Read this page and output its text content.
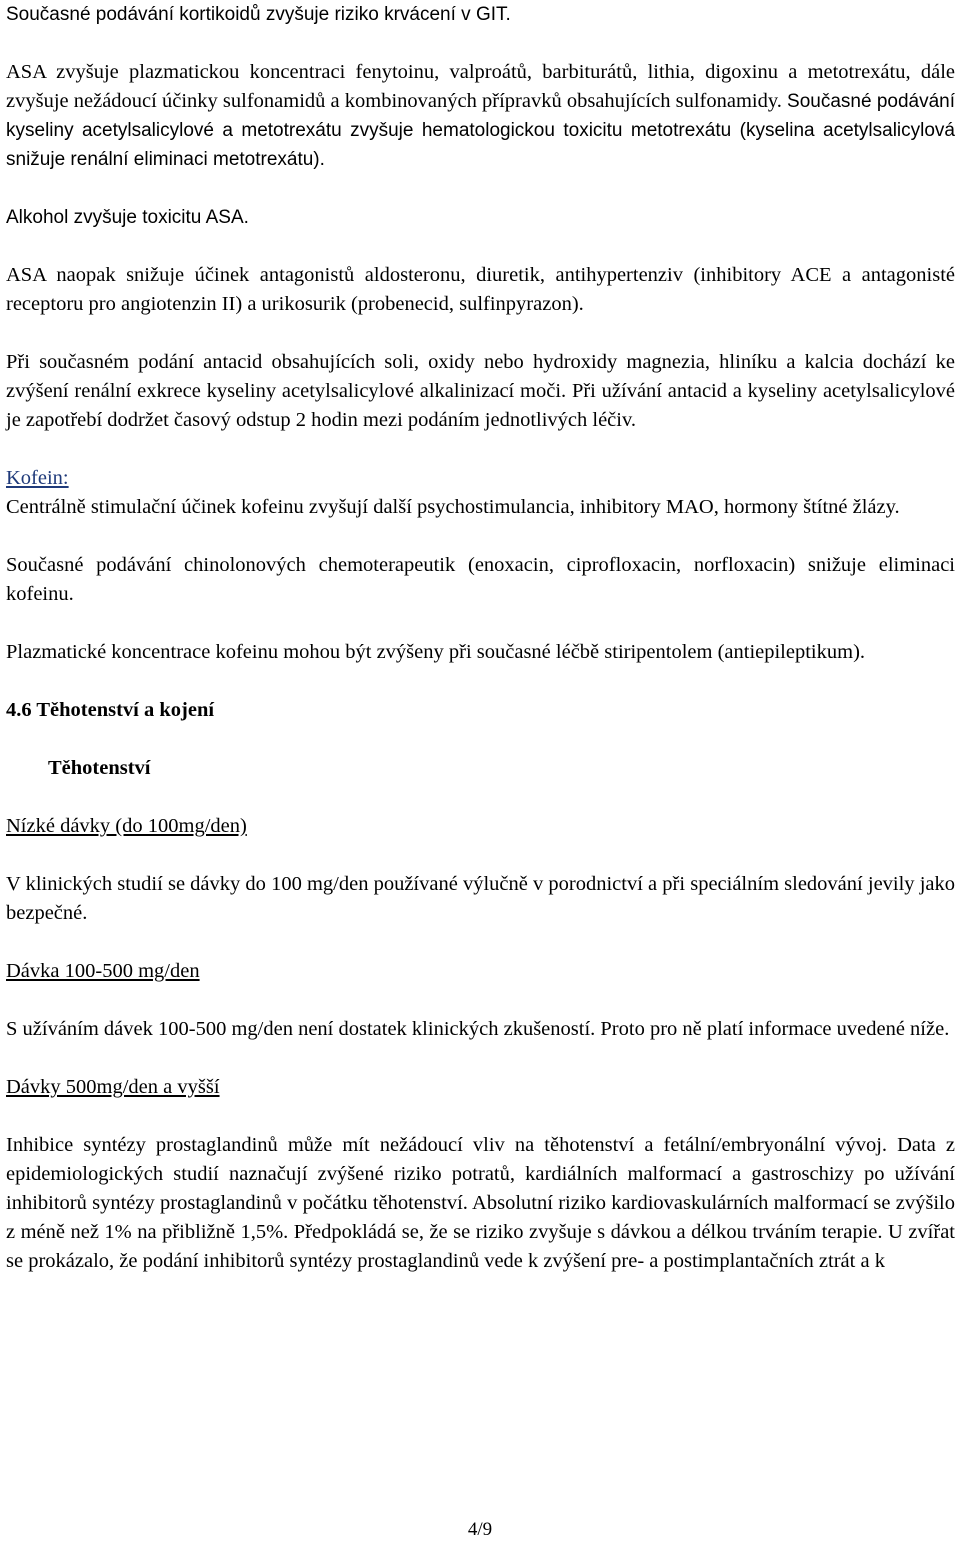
Současné podávání kortikoidů zvyšuje riziko krvácení v GIT.

ASA zvyšuje plazmatickou koncentraci fenytoinu, valproátů, barbiturátů, lithia, digoxinu a metotrexátu, dále zvyšuje nežádoucí účinky sulfonamidů a kombinovaných přípravků obsahujících sulfonamidy. Současné podávání kyseliny acetylsalicylové a metotrexátu zvyšuje hematologickou toxicitu metotrexátu (kyselina acetylsalicylová snižuje renální eliminaci metotrexátu).

Alkohol zvyšuje toxicitu ASA.

ASA naopak snižuje účinek antagonistů aldosteronu, diuretik, antihypertenziv (inhibitory ACE a antagonisté receptoru pro angiotenzin II) a urikosurik (probenecid, sulfinpyrazon).

Při současném podání antacid obsahujících soli, oxidy nebo hydroxidy magnezia, hliníku a kalcia dochází ke zvýšení renální exkrece kyseliny acetylsalicylové alkalinizací moči. Při užívání antacid a kyseliny acetylsalicylové je zapotřebí dodržet časový odstup 2 hodin mezi podáním jednotlivých léčiv.

Kofein:

Centrálně stimulační účinek kofeinu zvyšují další psychostimulancia, inhibitory MAO, hormony štítné žlázy.

Současné podávání chinolonových chemoterapeutik (enoxacin, ciprofloxacin, norfloxacin) snižuje eliminaci kofeinu.

Plazmatické koncentrace kofeinu mohou být zvýšeny při současné léčbě stiripentolem (antiepileptikum).

4.6 Těhotenství a kojení

Těhotenství

Nízké dávky (do 100mg/den)

V klinických studií se dávky do 100 mg/den používané výlučně v porodnictví a při speciálním sledování jevily jako bezpečné.

Dávka 100-500 mg/den

S užíváním dávek 100-500 mg/den není dostatek klinických zkušeností. Proto pro ně platí informace uvedené níže.

Dávky 500mg/den a vyšší

Inhibice syntézy prostaglandinů může mít nežádoucí vliv na těhotenství a fetální/embryonální vývoj. Data z epidemiologických studií naznačují zvýšené riziko potratů, kardiálních malformací a gastroschizy po užívání inhibitorů syntézy prostaglandinů v počátku těhotenství. Absolutní riziko kardiovaskulárních malformací se zvýšilo z méně než 1% na přibližně 1,5%. Předpokládá se, že se riziko zvyšuje s dávkou a délkou trváním terapie. U zvířat se prokázalo, že podání inhibitorů syntézy prostaglandinů vede k zvýšení pre- a postimplantačních ztrát a k

4/9
